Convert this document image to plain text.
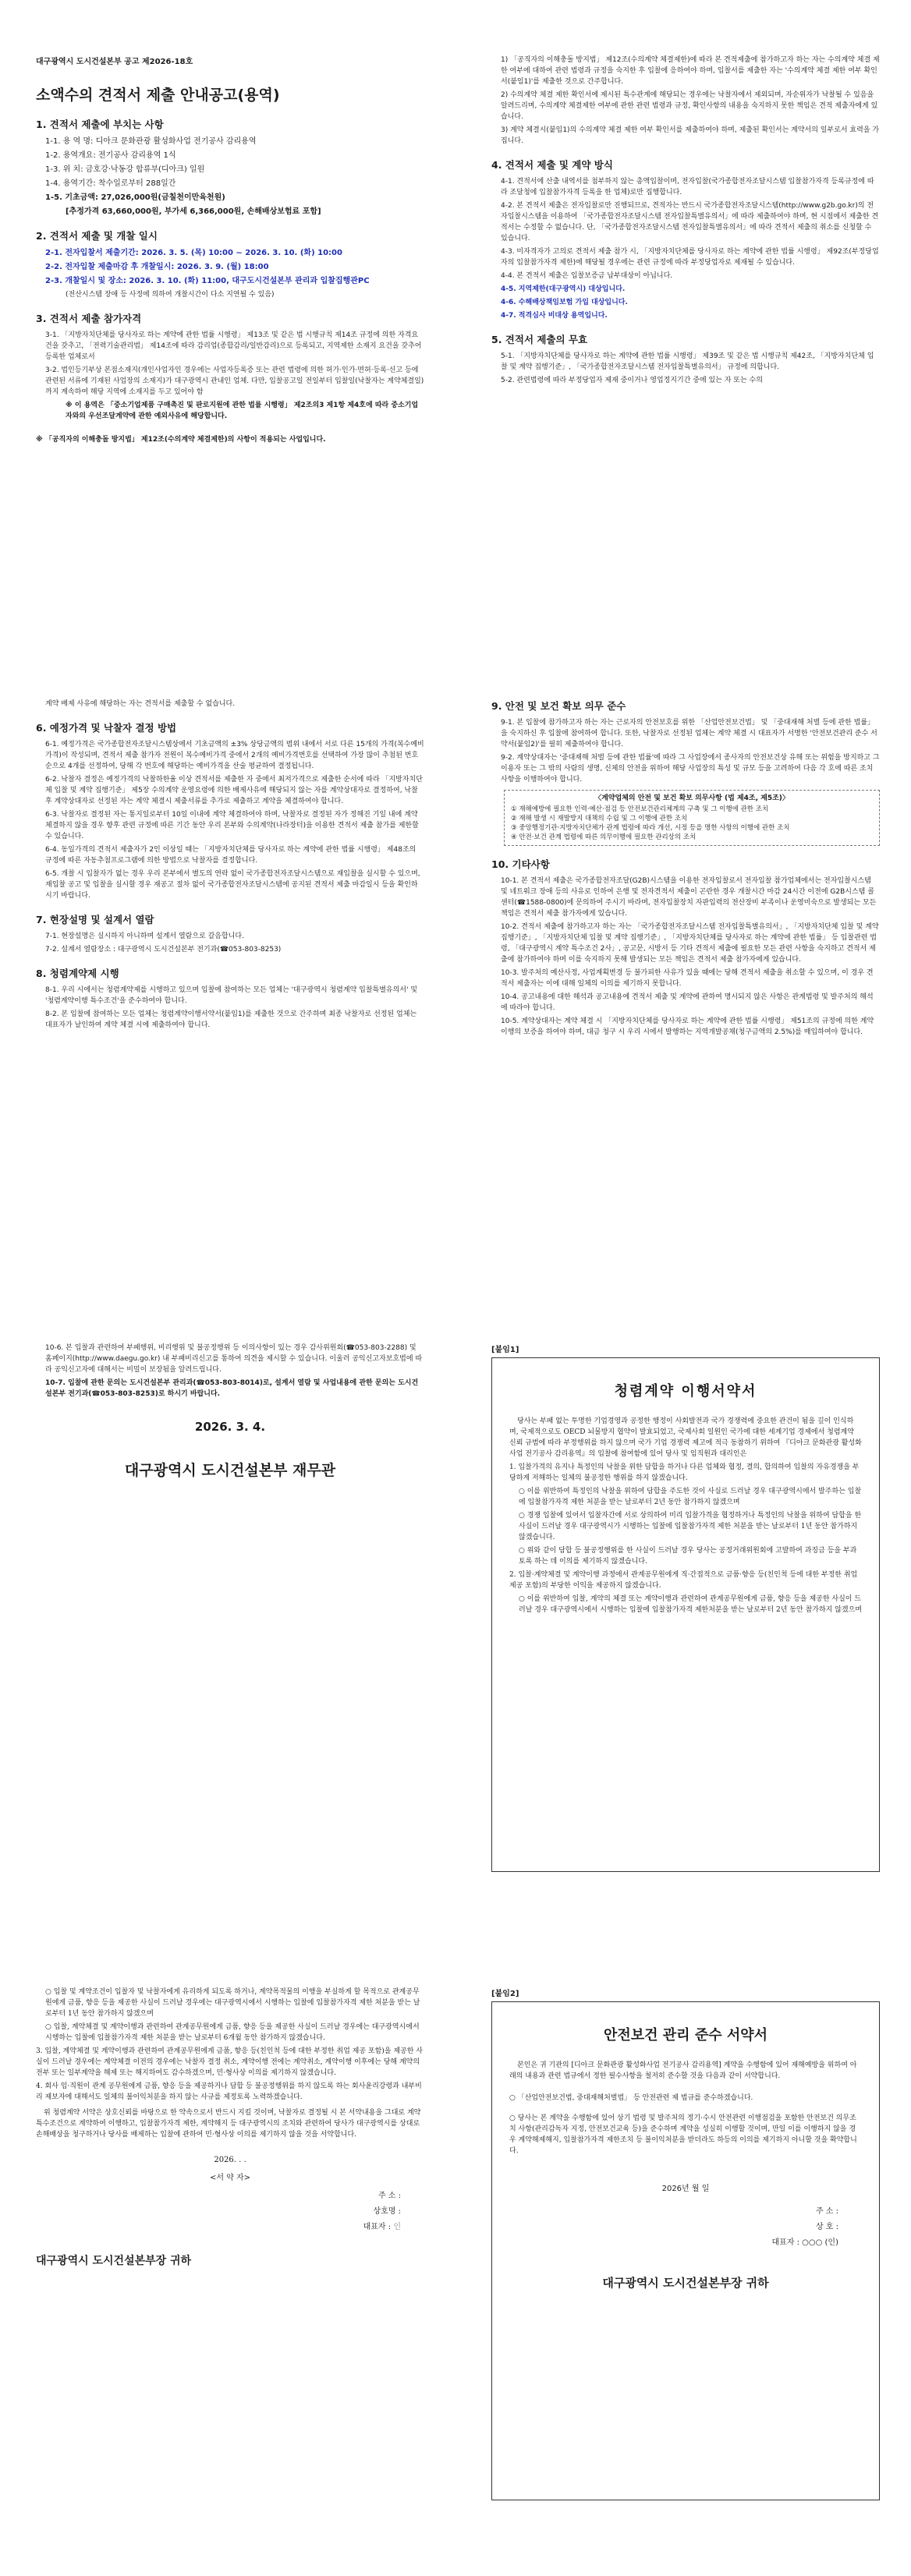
대구광역시 도시건설본부 공고 제2026-18호
소액수의 견적서 제출 안내공고(용역)
1. 견적서 제출에 부치는 사항
1-1. 용 역 명: 디아크 문화관광 활성화사업 전기공사 감리용역
1-2. 용역개요: 전기공사 감리용역 1식
1-3. 위 치: 금호강·낙동강 합류부(디아크) 일원
1-4. 용역기간: 착수일로부터 288일간
1-5. 기초금액: 27,026,000원(금칠천이만육천원)
[추정가격 63,660,000원, 부가세 6,366,000원, 손해배상보험료 포함]
2. 견적서 제출 및 개찰 일시
2-1. 전자입찰서 제출기간: 2026. 3. 5. (목) 10:00 ~ 2026. 3. 10. (화) 10:00
2-2. 전자입찰 제출마감 후 개찰일시: 2026. 3. 9. (월) 18:00
2-3. 개찰일시 및 장소: 2026. 3. 10. (화) 11:00, 대구도시건설본부 관리과 입찰집행관PC
(전산시스템 장애 등 사정에 의하여 개찰시간이 다소 지연될 수 있음)
3. 견적서 제출 참가자격
3-1. 「지방자치단체를 당사자로 하는 계약에 관한 법률 시행령」 제13조 및 같은 법 시행규칙 제14조 규정에 의한 자격요건을 갖추고, 「전력기술관리법」 제14조에 따라 감리업(종합감리/일반감리)으로 등록되고, 지역제한 소재지 요건을 갖추어 등록한 업체로서
3-2. 법인등기부상 본점소재지(개인사업자인 경우에는 사업자등록증 또는 관련 법령에 의한 허가·인가·면허·등록·신고 등에 관련된 서류에 기재된 사업장의 소재지)가 대구광역시 관내인 업체. 다만, 입찰공고일 전일부터 입찰일(낙찰자는 계약체결일)까지 계속하여 해당 지역에 소재지를 두고 있어야 함
※ 이 용역은 「중소기업제품 구매촉진 및 판로지원에 관한 법률 시행령」 제2조의3 제1항 제4호에 따라 중소기업자와의 우선조달계약에 관한 예외사유에 해당합니다.
※ 「공직자의 이해충돌 방지법」 제12조(수의계약 체결제한)의 사항이 적용되는 사업입니다.
1) 「공직자의 이해충돌 방지법」 제12조(수의계약 체결제한)에 따라 본 견적제출에 참가하고자 하는 자는 수의계약 체결 제한 여부에 대하여 관련 법령과 규정을 숙지한 후 입찰에 응하여야 하며, 입찰서를 제출한 자는 '수의계약 체결 제한 여부 확인서(붙임1)'를 제출한 것으로 간주합니다.
2) 수의계약 체결 제한 확인서에 제시된 특수관계에 해당되는 경우에는 낙찰자에서 제외되며, 자순위자가 낙찰될 수 있음을 알려드리며, 수의계약 체결제한 여부에 관한 관련 법령과 규정, 확인사항의 내용을 숙지하지 못한 책임은 견적 제출자에게 있습니다.
3) 계약 체결시(붙임1)의 수의계약 체결 제한 여부 확인서를 제출하여야 하며, 제출된 확인서는 계약서의 일부로서 효력을 가집니다.
4. 견적서 제출 및 계약 방식
4-1. 견적서에 산출 내역서를 첨부하지 않는 총액입찰이며, 전자입찰(국가종합전자조달시스템 입찰참가자격 등록규정에 따라 조달청에 입찰참가자격 등록을 한 업체)로만 집행합니다.
4-2. 본 견적서 제출은 전자입찰로만 진행되므로, 견적자는 반드시 국가종합전자조달시스템(http://www.g2b.go.kr)의 전자입찰시스템을 이용하여 「국가종합전자조달시스템 전자입찰특별유의서」에 따라 제출하여야 하며, 현 시점에서 제출한 견적서는 수정할 수 없습니다. 단, 「국가종합전자조달시스템 전자입찰특별유의서」에 따라 견적서 제출의 취소를 신청할 수 있습니다.
4-3. 미자격자가 고의로 견적서 제출 참가 시, 「지방자치단체를 당사자로 하는 계약에 관한 법률 시행령」 제92조(부정당업자의 입찰참가자격 제한)에 해당될 경우에는 관련 규정에 따라 부정당업자로 제재될 수 있습니다.
4-4. 본 견적서 제출은 입찰보증금 납부대상이 아닙니다.
4-5. 지역제한(대구광역시) 대상입니다.
4-6. 수해배상책임보험 가입 대상입니다.
4-7. 적격심사 비대상 용역입니다.
5. 견적서 제출의 무효
5-1. 「지방자치단체를 당사자로 하는 계약에 관한 법률 시행령」 제39조 및 같은 법 시행규칙 제42조, 「지방자치단체 입찰 및 계약 집행기준」, 「국가종합전자조달시스템 전자입찰특별유의서」 규정에 의합니다.
5-2. 관련법령에 따라 부정당업자 제재 중이거나 영업정지기간 중에 있는 자 또는 수의
계약 배제 사유에 해당하는 자는 견적서를 제출할 수 없습니다.
6. 예정가격 및 낙찰자 결정 방법
6-1. 예정가격은 국가종합전자조달시스템상에서 기초금액의 ±3% 상당금액의 범위 내에서 서로 다른 15개의 가격(복수예비가격)이 작성되며, 견적서 제출 참가자 전원이 복수예비가격 중에서 2개의 예비가격번호를 선택하여 가장 많이 추첨된 번호 순으로 4개를 선정하여, 당해 각 번호에 해당하는 예비가격을 산술 평균하여 결정됩니다.
6-2. 낙찰자 결정은 예정가격의 낙찰하한율 이상 견적서를 제출한 자 중에서 최저가격으로 제출한 순서에 따라 「지방자치단체 입찰 및 계약 집행기준」 제5장 수의계약 운영요령에 의한 배제사유에 해당되지 않는 자를 계약상대자로 결정하여, 낙찰 후 계약상대자로 선정된 자는 계약 체결시 제출서류를 추가로 제출하고 계약을 체결하여야 합니다.
6-3. 낙찰자로 결정된 자는 통지일로부터 10일 이내에 계약 체결하여야 하며, 낙찰자로 결정된 자가 정해진 기일 내에 계약 체결하지 않을 경우 향후 관련 규정에 따른 기간 동안 우리 본부와 수의계약(나라장터)을 이용한 견적서 제출 참가를 제한할 수 있습니다.
6-4. 동일가격의 견적서 제출자가 2인 이상일 때는 「지방자치단체를 당사자로 하는 계약에 관한 법률 시행령」 제48조의 규정에 따른 자동추첨프로그램에 의한 방법으로 낙찰자를 결정합니다.
6-5. 개찰 시 입찰자가 없는 경우 우리 본부에서 별도의 연락 없이 국가종합전자조달시스템으로 재입찰을 실시할 수 있으며, 재입찰 공고 및 입찰을 실시할 경우 재공고 절차 없이 국가종합전자조달시스템에 공지된 견적서 제출 마감일시 등을 확인하시기 바랍니다.
7. 현장설명 및 설계서 열람
7-1. 현장설명은 실시하지 아니하며 설계서 열람으로 갈음합니다.
7-2. 설계서 열람장소 : 대구광역시 도시건설본부 전기과(☎053-803-8253)
8. 청렴계약제 시행
8-1. 우리 시에서는 청렴계약제를 시행하고 있으며 입찰에 참여하는 모든 업체는 '대구광역시 청렴계약 입찰특별유의서' 및 '청렴계약이행 특수조건'을 준수하여야 합니다.
8-2. 본 입찰에 참여하는 모든 업체는 청렴계약이행서약서(붙임1)를 제출한 것으로 간주하며 최종 낙찰자로 선정된 업체는 대표자가 날인하여 계약 체결 시에 제출하여야 합니다.
9. 안전 및 보건 확보 의무 준수
9-1. 본 입찰에 참가하고자 하는 자는 근로자의 안전보호를 위한 「산업안전보건법」 및 「중대재해 처벌 등에 관한 법률」을 숙지하신 후 입찰에 참여하여 합니다. 또한, 낙찰자로 선정된 업체는 계약 체결 시 대표자가 서명한 '안전보건관리 준수 서약서(붙임2)'를 필히 제출하여야 합니다.
9-2. 계약상대자는 '중대재해 처벌 등에 관한 법률'에 따라 그 사업장에서 종사자의 안전보건상 유해 또는 위험을 방지하고 그 이용자 또는 그 밖의 사람의 생명, 신체의 안전을 위하여 해당 사업장의 특성 및 규모 등을 고려하여 다음 각 호에 따른 조치사항을 이행하여야 합니다.
〈계약업체의 안전 및 보건 확보 의무사항 (법 제4조, 제5조)〉
① 재해예방에 필요한 인력·예산·점검 등 안전보건관리체계의 구축 및 그 이행에 관한 조치
② 재해 발생 시 재발방지 대책의 수립 및 그 이행에 관한 조치
③ 중앙행정기관·지방자치단체가 관계 법령에 따라 개선, 시정 등을 명한 사항의 이행에 관한 조치
④ 안전·보건 관계 법령에 따른 의무이행에 필요한 관리상의 조치
10. 기타사항
10-1. 본 견적서 제출은 국가종합전자조달(G2B)시스템을 이용한 전자입찰로서 전자입찰 참가업체에서는 전자입찰시스템 및 네트워크 장애 등의 사유로 인하여 은행 및 전자견적서 제출이 곤란한 경우 개찰시간 마감 24시간 이전에 G2B시스템 콜센터(☎1588-0800)에 문의하여 주시기 바라며, 전자입찰장치 자판입력의 전산장비 부족이나 운영미숙으로 발생되는 모든 책임은 견적서 제출 참가자에게 있습니다.
10-2. 견적서 제출에 참가하고자 하는 자는 「국가종합전자조달시스템 전자입찰특별유의서」, 「지방자치단체 입찰 및 계약 집행기준」, 「지방자치단체 입찰 및 계약 집행기준」, 「지방자치단체를 당사자로 하는 계약에 관한 법률」 등 입찰관련 법령, 「대구광역시 계약 특수조건 2사」, 공고문, 시방서 등 기타 견적서 제출에 필요한 모든 관련 사항을 숙지하고 견적서 제출에 참가하여야 하며 이를 숙지하지 못해 발생되는 모든 책임은 견적서 제출 참가자에게 있습니다.
10-3. 발주처의 예산사정, 사업계획변경 등 불가피한 사유가 있을 때에는 당해 견적서 제출을 취소할 수 있으며, 이 경우 견적서 제출자는 이에 대해 일체의 이의를 제기하지 못합니다.
10-4. 공고내용에 대한 해석과 공고내용에 견적서 제출 및 계약에 관하여 명시되지 않은 사항은 관계법령 및 발주처의 해석에 따라야 합니다.
10-5. 계약상대자는 계약 체결 시 「지방자치단체를 당사자로 하는 계약에 관한 법률 시행령」 제51조의 규정에 의한 계약이행의 보증을 하여야 하며, 대금 청구 시 우리 시에서 발행하는 지역개발공채(청구금액의 2.5%)를 매입하여야 합니다.
10-6. 본 입찰과 관련하여 부패행위, 비리행위 및 불공정행위 등 이의사항이 있는 경우 감사위원회(☎053-803-2288) 및 홈페이지(http://www.daegu.go.kr) 내 부패비리신고를 통하여 의견을 제시할 수 있습니다. 이울러 공익신고자보호법에 따라 공익신고자에 대해서는 비밀이 보장됨을 알려드립니다.
10-7. 입찰에 관한 문의는 도시건설본부 관리과(☎053-803-8014)로, 설계서 열람 및 사업내용에 관한 문의는 도시건설본부 전기과(☎053-803-8253)로 하시기 바랍니다.
2026. 3. 4.
대구광역시 도시건설본부 재무관
[붙임1]
청렴계약 이행서약서
당사는 부패 없는 투명한 기업경영과 공정한 행정이 사회발전과 국가 경쟁력에 중요한 관건이 됨을 깊이 인식하며, 국제적으로도 OECD 뇌물방지 협약이 발효되었고, 국제사회 일원인 국가에 대한 세계기업 경제에서 청렴계약 신뢰 규범에 따라 부정행위를 하지 않으며 국가 기업 경쟁력 제고에 적극 동참하기 위하여 『디아크 문화관광 활성화사업 전기공사 감리용역』의 입찰에 참여함에 있어 당사 및 임직원과 대리인은
1. 입찰가격의 유지나 특정인의 낙찰을 위한 담합을 하거나 다른 업체와 협정, 결의, 합의하여 입찰의 자유경쟁을 부당하게 저해하는 일체의 불공정한 행위를 하지 않겠습니다.
○ 이를 위반하여 특정인의 낙찰을 위하여 담합을 주도한 것이 사실로 드러날 경우 대구광역시에서 발주하는 입찰에 입찰참가자격 제한 처분을 받는 날로부터 2년 동안 참가하지 않겠으며
○ 경쟁 입찰에 있어서 입찰자간에 서로 상의하여 미리 입찰가격을 협정하거나 특정인의 낙찰을 위하여 담합을 한 사실이 드러날 경우 대구광역시가 시행하는 입찰에 입찰참가자격 제한 처분을 받는 날로부터 1년 동안 참가하지 않겠습니다.
○ 위와 같이 담합 등 불공정행위를 한 사실이 드러날 경우 당사는 공정거래위원회에 고발하여 과징금 등을 부과토록 하는 데 이의를 제기하지 않겠습니다.
2. 입찰·계약체결 및 계약이행 과정에서 관계공무원에게 직·간접적으로 금품·향응 등(친인척 등에 대한 부정한 취업 제공 포함)의 부당한 이익을 제공하지 않겠습니다.
○ 이를 위반하여 입찰, 계약의 체결 또는 계약이행과 관련하여 관계공무원에게 금품, 향응 등을 제공한 사실이 드러날 경우 대구광역시에서 시행하는 입찰에 입찰참가자격 제한처분을 받는 날로부터 2년 동안 참가하지 않겠으며
○ 입찰 및 계약조건이 입찰자 및 낙찰자에게 유리하게 되도록 하거나, 계약목적물의 이행을 부실하게 할 목적으로 관계공무원에게 금품, 향응 등을 제공한 사실이 드러날 경우에는 대구광역시에서 시행하는 입찰에 입찰참가자격 제한 처분을 받는 날로부터 1년 동안 참가하지 않겠으며
○ 입찰, 계약체결 및 계약이행과 관련하여 관계공무원에게 금품, 향응 등을 제공한 사실이 드러날 경우에는 대구광역시에서 시행하는 입찰에 입찰참가자격 제한 처분을 받는 날로부터 6개월 동안 참가하지 않겠습니다.
3. 입찰, 계약체결 및 계약이행과 관련하여 관계공무원에게 금품, 향응 등(친인척 등에 대한 부정한 취업 제공 포함)을 제공한 사실이 드러날 경우에는 계약체결 이전의 경우에는 낙찰자 결정 취소, 계약이행 전에는 계약취소, 계약이행 이후에는 당해 계약의 전부 또는 일부계약을 해제 또는 해지하여도 감수하겠으며, 민·형사상 이의를 제기하지 않겠습니다.
4. 회사 임·직원이 관계 공무원에게 금품, 향응 등을 제공하거나 담합 등 불공정행위를 하지 않도록 하는 회사윤리강령과 내부비리 제보자에 대해서도 일체의 불이익처분을 하지 않는 사규를 제정토록 노력하겠습니다.
위 청렴계약 서약은 상호신뢰를 바탕으로 한 약속으로서 반드시 지킬 것이며, 낙찰자로 결정될 시 본 서약내용을 그대로 계약특수조건으로 계약하여 이행하고, 입찰참가자격 제한, 계약해지 등 대구광역시의 조치와 관련하여 당사가 대구광역시를 상대로 손해배상을 청구하거나 당사를 배제하는 입찰에 관하여 민·형사상 이의를 제기하지 않을 것을 서약합니다.
2026. . .
<서 약 자>
주 소 :
상호명 :
대표자 : 인
대구광역시 도시건설본부장 귀하
[붙임2]
안전보건 관리 준수 서약서
본인은 귀 기관의 [디아크 문화관광 활성화사업 전기공사 감리용역] 계약을 수행함에 있어 재해예방을 위하여 아래의 내용과 관련 법규에서 정한 필수사항을 철저히 준수할 것을 다음과 같이 서약합니다.
○ 「산업안전보건법, 중대재해처벌법」 등 안전관련 제 법규를 준수하겠습니다.
○ 당사는 본 계약을 수행함에 있어 상기 법령 및 발주처의 정기·수시 안전관련 이행점검을 포함한 안전보건 의무조치 사항(관리감독자 지정, 안전보건교육 등)을 준수하며 계약을 성실히 이행할 것이며, 만일 이를 이행하지 않을 경우 계약해제해지, 입찰참가자격 제한조치 등 불이익처분을 받더라도 하등의 이의를 제기하지 아니할 것을 확약합니다.
2026년 월 일
주 소 :
상 호 :
대표자 : ○○○ (인)
대구광역시 도시건설본부장 귀하
